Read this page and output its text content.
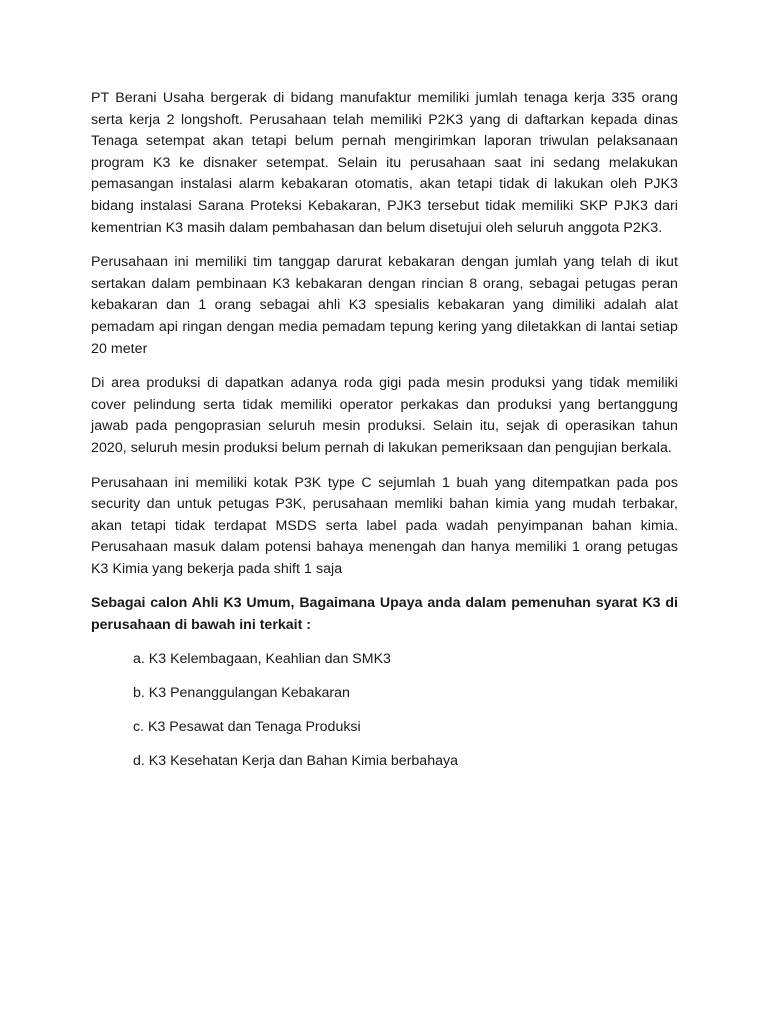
PT Berani Usaha bergerak di bidang manufaktur memiliki jumlah tenaga kerja 335 orang serta kerja 2 longshoft. Perusahaan telah memiliki P2K3 yang di daftarkan kepada dinas Tenaga setempat akan tetapi belum pernah mengirimkan laporan triwulan pelaksanaan program K3 ke disnaker setempat. Selain itu perusahaan saat ini sedang melakukan pemasangan instalasi alarm kebakaran otomatis, akan tetapi tidak di lakukan oleh PJK3 bidang instalasi Sarana Proteksi Kebakaran, PJK3 tersebut tidak memiliki SKP PJK3 dari kementrian K3 masih dalam pembahasan dan belum disetujui oleh seluruh anggota P2K3.

Perusahaan ini memiliki tim tanggap darurat kebakaran dengan jumlah yang telah di ikut sertakan dalam pembinaan K3 kebakaran dengan rincian 8 orang, sebagai petugas peran kebakaran dan 1 orang sebagai ahli K3 spesialis kebakaran yang dimiliki adalah alat pemadam api ringan dengan media pemadam tepung kering yang diletakkan di lantai setiap 20 meter

Di area produksi di dapatkan adanya roda gigi pada mesin produksi yang tidak memiliki cover pelindung serta tidak memiliki operator perkakas dan produksi yang bertanggung jawab pada pengoprasian seluruh mesin produksi. Selain itu, sejak di operasikan tahun 2020, seluruh mesin produksi belum pernah di lakukan pemeriksaan dan pengujian berkala.

Perusahaan ini memiliki kotak P3K type C sejumlah 1 buah yang ditempatkan pada pos security dan untuk petugas P3K, perusahaan memliki bahan kimia yang mudah terbakar, akan tetapi tidak terdapat MSDS serta label pada wadah penyimpanan bahan kimia. Perusahaan masuk dalam potensi bahaya menengah dan hanya memiliki 1 orang petugas K3 Kimia yang bekerja pada shift 1 saja

Sebagai calon Ahli K3 Umum, Bagaimana Upaya anda dalam pemenuhan syarat K3 di perusahaan di bawah ini terkait :

a. K3 Kelembagaan, Keahlian dan SMK3
b. K3 Penanggulangan Kebakaran
c. K3 Pesawat dan Tenaga Produksi
d. K3 Kesehatan Kerja dan Bahan Kimia berbahaya
